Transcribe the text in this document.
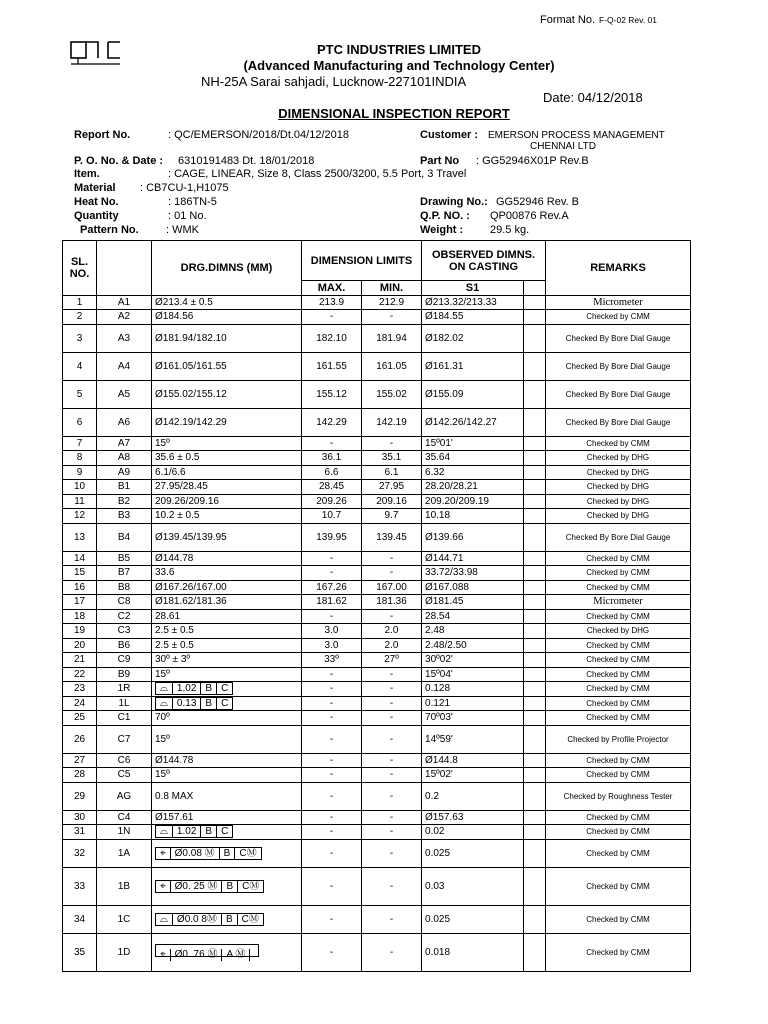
Format No. F-Q-02 Rev. 01
PTC INDUSTRIES LIMITED
(Advanced Manufacturing and Technology Center)
NH-25A Sarai sahjadi, Lucknow-227101INDIA
Date: 04/12/2018
DIMENSIONAL INSPECTION REPORT
Report No.	: QC/EMERSON/2018/Dt.04/12/2018	Customer : EMERSON PROCESS MANAGEMENT
CHENNAI LTD
P. O. No. & Date : 6310191483 Dt. 18/01/2018	Part No : GG52946X01P Rev.B
Item.	: CAGE, LINEAR, Size 8, Class 2500/3200, 5.5 Port, 3 Travel
Material : CB7CU-1,H1075
Heat No.	: 186TN-5	Drawing No.: GG52946 Rev. B
Quantity	: 01 No.	Q.P. NO. : QP00876 Rev.A
Pattern No. : WMK	Weight : 29.5 kg.
SL. NO.		DRG.DIMNS (MM)	DIMENSION LIMITS		OBSERVED DIMNS. ON CASTING		REMARKS
			MAX.	MIN.	S1		
1	A1	Ø213.4 ± 0.5	213.9	212.9	Ø213.32/213.33		Micrometer
2	A2	Ø184.56	-	-	Ø184.55		Checked by CMM
3	A3	Ø181.94/182.10	182.10	181.94	Ø182.02		Checked By Bore Dial Gauge
4	A4	Ø161.05/161.55	161.55	161.05	Ø161.31		Checked By Bore Dial Gauge
5	A5	Ø155.02/155.12	155.12	155.02	Ø155.09		Checked By Bore Dial Gauge
6	A6	Ø142.19/142.29	142.29	142.19	Ø142.26/142.27		Checked By Bore Dial Gauge
7	A7	15º	-	-	15º01'		Checked by CMM
8	A8	35.6 ± 0.5	36.1	35.1	35.64		Checked by DHG
9	A9	6.1/6.6	6.6	6.1	6.32		Checked by DHG
10	B1	27.95/28.45	28.45	27.95	28.20/28.21		Checked by DHG
11	B2	209.26/209.16	209.26	209.16	209.20/209.19		Checked by DHG
12	B3	10.2 ± 0.5	10.7	9.7	10.18		Checked by DHG
13	B4	Ø139.45/139.95	139.95	139.45	Ø139.66		Checked By Bore Dial Gauge
14	B5	Ø144.78	-	-	Ø144.71		Checked by CMM
15	B7	33.6	-	-	33.72/33.98		Checked by CMM
16	B8	Ø167.26/167.00	167.26	167.00	Ø167.088		Checked by CMM
17	C8	Ø181.62/181.36	181.62	181.36	Ø181.45		Micrometer
18	C2	28.61	-	-	28.54		Checked by CMM
19	C3	2.5 ± 0.5	3.0	2.0	2.48		Checked by DHG
20	B6	2.5 ± 0.5	3.0	2.0	2.48/2.50		Checked by CMM
21	C9	30º ± 3º	33º	27º	30º02'		Checked by CMM
22	B9	15º	-	-	15º04'		Checked by CMM
23	1R	⌓ 1.02 B C	-	-	0.128		Checked by CMM
24	1L	⌓ 0.13 B C	-	-	0.121		Checked by CMM
25	C1	70º	-	-	70º03'		Checked by CMM
26	C7	15º	-	-	14º59'		Checked by Profile Projector
27	C6	Ø144.78	-	-	Ø144.8		Checked by CMM
28	C5	15º	-	-	15º02'		Checked by CMM
29	AG	0.8 MAX	-	-	0.2		Checked by Roughness Tester
30	C4	Ø157.61	-	-	Ø157.63		Checked by CMM
31	1N	⌓ 1.02 B C	-	-	0.02		Checked by CMM
32	1A	⌖ Ø0.08 Ⓜ B CⓂ	-	-	0.025		Checked by CMM
33	1B	⌖ Ø0. 25 Ⓜ B CⓂ	-	-	0.03		Checked by CMM
34	1C	⌓ Ø0.0 8Ⓜ B CⓂ	-	-	0.025		Checked by CMM
35	1D	⌖ Ø0. 76 Ⓜ A Ⓜ	-	-	0.018		Checked by CMM
